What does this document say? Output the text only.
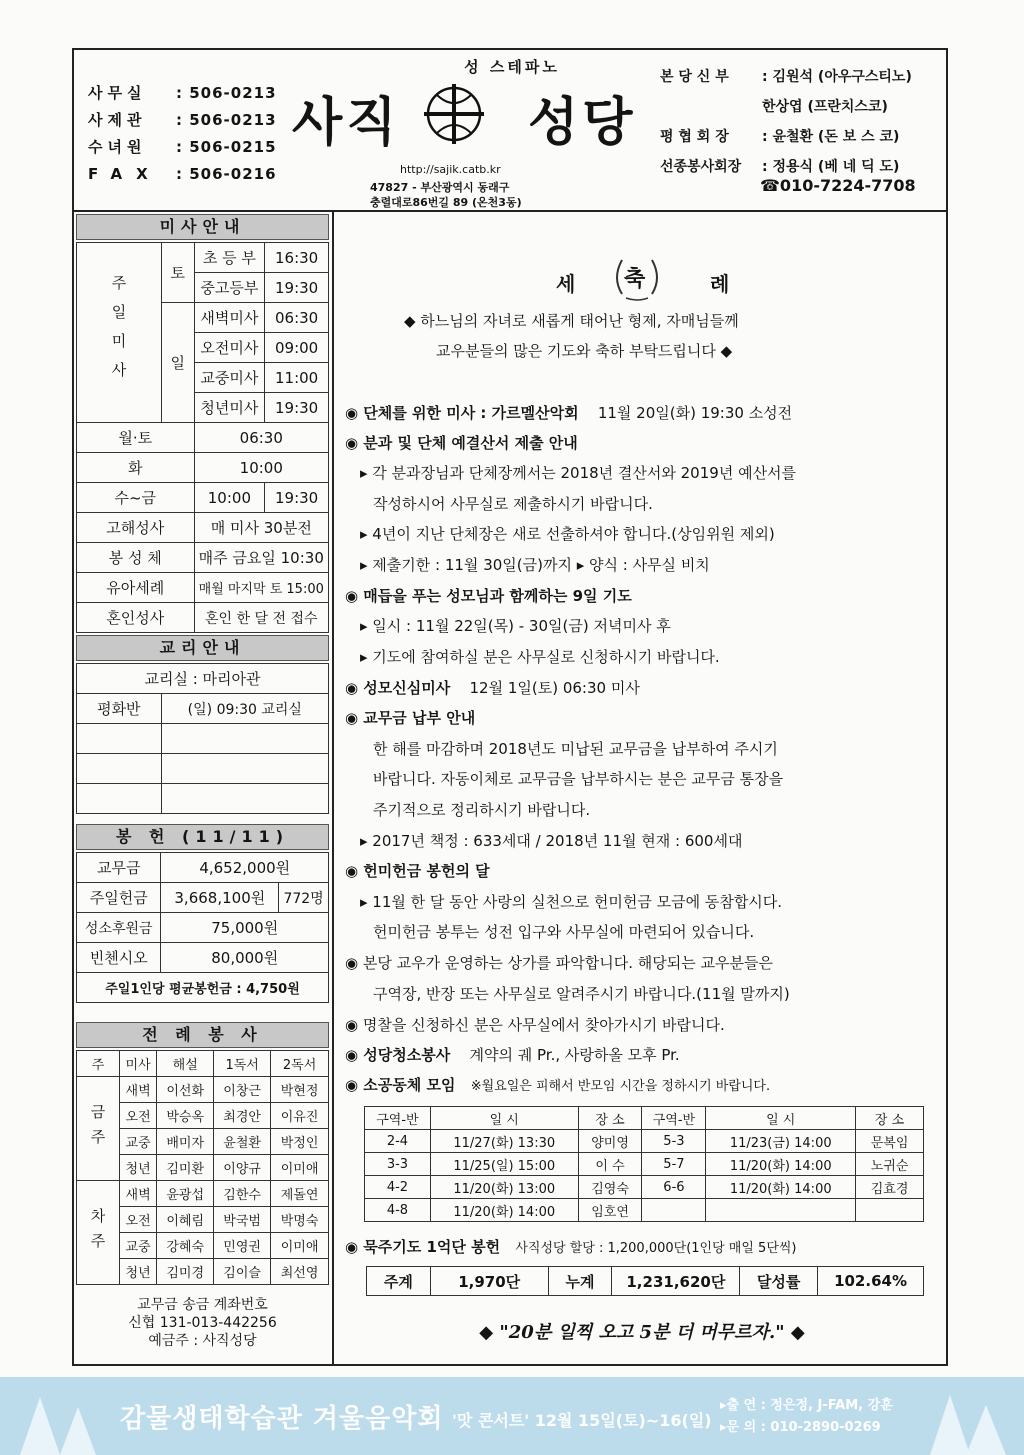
사무실	: 506-0213
사제관	: 506-0213
수녀원	: 506-0215
FAX : 506-0216
성 스테파노
사직 성당
http://sajik.catb.kr
47827 - 부산광역시 동래구
충렬대로86번길 89 (온천3동)
본 당 신 부	: 김원석 (아우구스티노)
한상엽 (프란치스코)
평 협 회 장	: 윤철환 (돈 보 스 코)
선종봉사회장	: 정용식 (베 네 딕 도)
☎010-7224-7708
미사안내
주일미사	토	초 등 부	16:30
		중고등부	19:30
	일	새벽미사	06:30
		오전미사	09:00
		교중미사	11:00
		청년미사	19:30
월·토		06:30	
화		10:00	
수~금		10:00	19:30
고해성사		매 미사 30분전	
봉 성 체		매주 금요일 10:30	
유아세례		매월 마지막 토 15:00	
혼인성사		혼인 한 달 전 접수	
교리안내
교리실 : 마리아관	
평화반	(일) 09:30 교리실

봉 헌 (11/11)
교무금	4,652,000원	
주일헌금	3,668,100원	772명
성소후원금	75,000원	
빈첸시오	80,000원	
주일1인당 평균봉헌금 : 4,750원		
전 례 봉 사
주	미사	해설	1독서	2독서
금주	새벽	이선화	이창근	박현정
	오전	박승옥	최경안	이유진
	교중	배미자	윤철환	박정인
	청년	김미환	이양규	이미애
차주	새벽	윤광섭	김한수	제돌연
	오전	이혜림	박국범	박명숙
	교중	강혜숙	민영권	이미애
	청년	김미경	김이슬	최선영
교무금 송금 계좌번호
신협 131-013-442256
예금주 : 사직성당
세 축	례
◆ 하느님의 자녀로 새롭게 태어난 형제, 자매님들께
교우분들의 많은 기도와 축하 부탁드립니다 ◆
◉ 단체를 위한 미사 : 가르멜산악회 11월 20일(화) 19:30 소성전
◉ 분과 및 단체 예결산서 제출 안내
▸ 각 분과장님과 단체장께서는 2018년 결산서와 2019년 예산서를
작성하시어 사무실로 제출하시기 바랍니다.
▸ 4년이 지난 단체장은 새로 선출하셔야 합니다.(상임위원 제외)
▸ 제출기한 : 11월 30일(금)까지 ▸ 양식 : 사무실 비치
◉ 매듭을 푸는 성모님과 함께하는 9일 기도
▸ 일시 : 11월 22일(목) - 30일(금) 저녁미사 후
▸ 기도에 참여하실 분은 사무실로 신청하시기 바랍니다.
◉ 성모신심미사 12월 1일(토) 06:30 미사
◉ 교무금 납부 안내
한 해를 마감하며 2018년도 미납된 교무금을 납부하여 주시기
바랍니다. 자동이체로 교무금을 납부하시는 분은 교무금 통장을
주기적으로 정리하시기 바랍니다.
▸ 2017년 책정 : 633세대 / 2018년 11월 현재 : 600세대
◉ 헌미헌금 봉헌의 달
▸ 11월 한 달 동안 사랑의 실천으로 헌미헌금 모금에 동참합시다.
헌미헌금 봉투는 성전 입구와 사무실에 마련되어 있습니다.
◉ 본당 교우가 운영하는 상가를 파악합니다. 해당되는 교우분들은
구역장, 반장 또는 사무실로 알려주시기 바랍니다.(11월 말까지)
◉ 명찰을 신청하신 분은 사무실에서 찾아가시기 바랍니다.
◉ 성당청소봉사 계약의 궤 Pr., 사랑하올 모후 Pr.
◉ 소공동체 모임 ※월요일은 피해서 반모임 시간을 정하시기 바랍니다.
구역-반	일 시	장 소	구역-반	일 시	장 소
2-4	11/27(화) 13:30	양미영	5-3	11/23(금) 14:00	문복임
3-3	11/25(일) 15:00	이 수	5-7	11/20(화) 14:00	노귀순
4-2	11/20(화) 13:00	김영숙	6-6	11/20(화) 14:00	김효경
4-8	11/20(화) 14:00	임호연			
◉ 묵주기도 1억단 봉헌 사직성당 할당 : 1,200,000단(1인당 매일 5단씩)
주계	1,970단	누계	1,231,620단	달성률	102.64%
◆ "20분 일찍 오고 5분 더 머무르자." ◆
감물생태학습관 겨울음악회 '맛 콘서트' 12월 15일(토)~16(일)
▸출 연 : 정은정, J-FAM, 강훈
▸문 의 : 010-2890-0269
